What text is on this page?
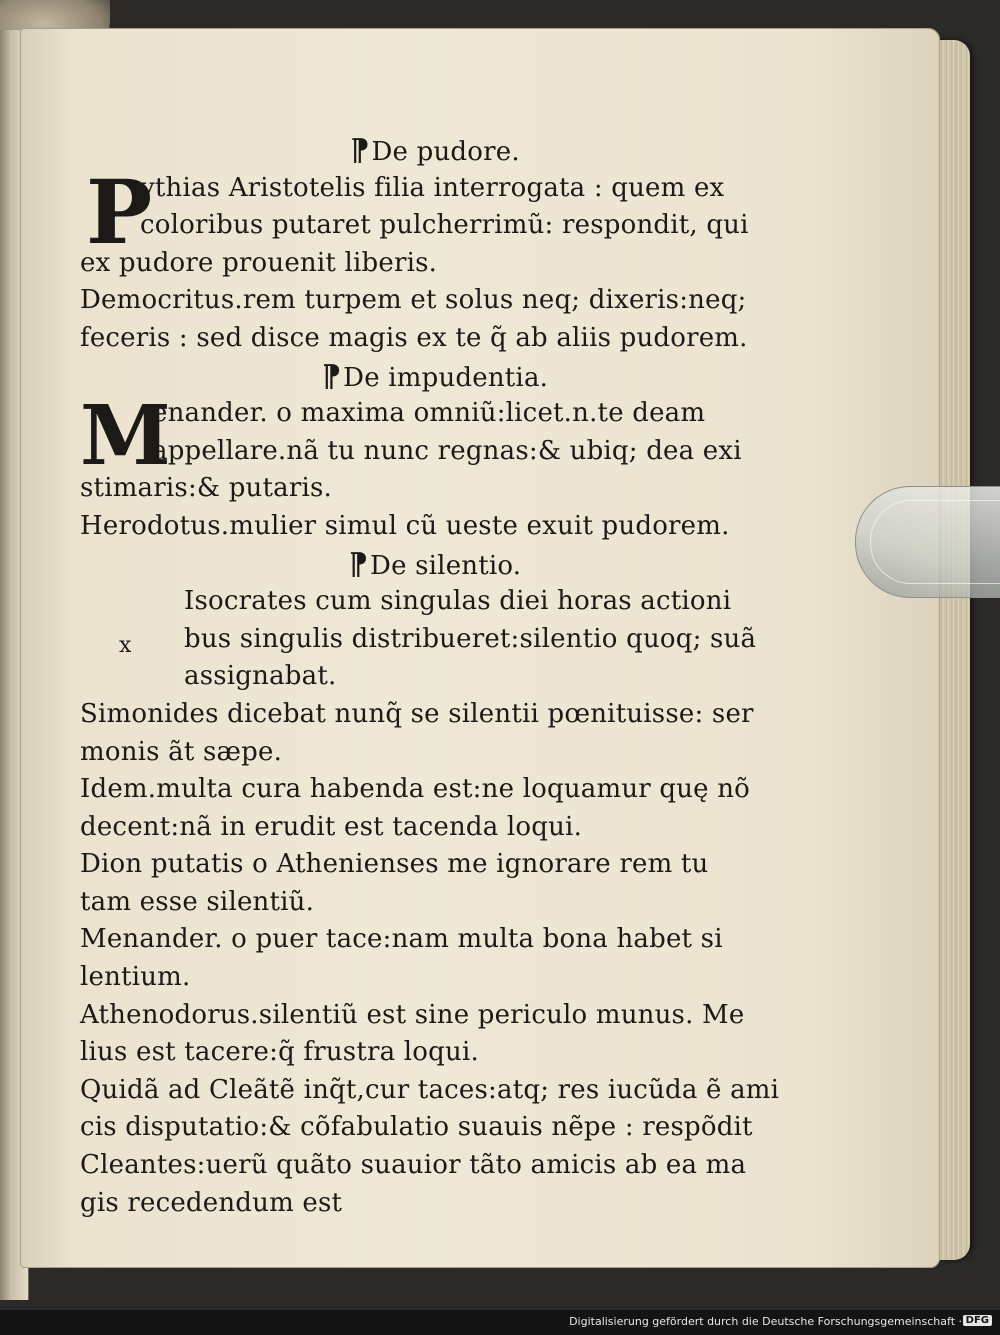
P
M
x
⁋De pudore.
ythias Aristotelis filia interrogata : quem ex
coloribus putaret pulcherrimũ: respondit, qui
ex pudore prouenit liberis.
Democritus.rem turpem et solus neq; dixeris:neq;
feceris : sed disce magis ex te q̃ ab aliis pudorem.
⁋De impudentia.
enander. o maxima omniũ:licet.n.te deam
appellare.nã tu nunc regnas:& ubiq; dea exi
stimaris:& putaris.
Herodotus.mulier simul cũ ueste exuit pudorem.
⁋De silentio.
Isocrates cum singulas diei horas actioni
bus singulis distribueret:silentio quoq; suã
assignabat.
Simonides dicebat nunq̃ se silentii pœnituisse: ser
monis ãt sæpe.
Idem.multa cura habenda est:ne loquamur quę nõ
decent:nã in erudit est tacenda loqui.
Dion putatis o Athenienses me ignorare rem tu
tam esse silentiũ.
Menander. o puer tace:nam multa bona habet si
lentium.
Athenodorus.silentiũ est sine periculo munus. Me
lius est tacere:q̃ frustra loqui.
Quidã ad Cleãtẽ inq̃t,cur taces:atq; res iucũda ẽ ami
cis disputatio:& cõfabulatio suauis nẽpe : respõdit
Cleantes:uerũ quãto suauior tãto amicis ab ea ma
gis recedendum est
Digitalisierung gefördert durch die Deutsche Forschungsgemeinschaft · DFG
